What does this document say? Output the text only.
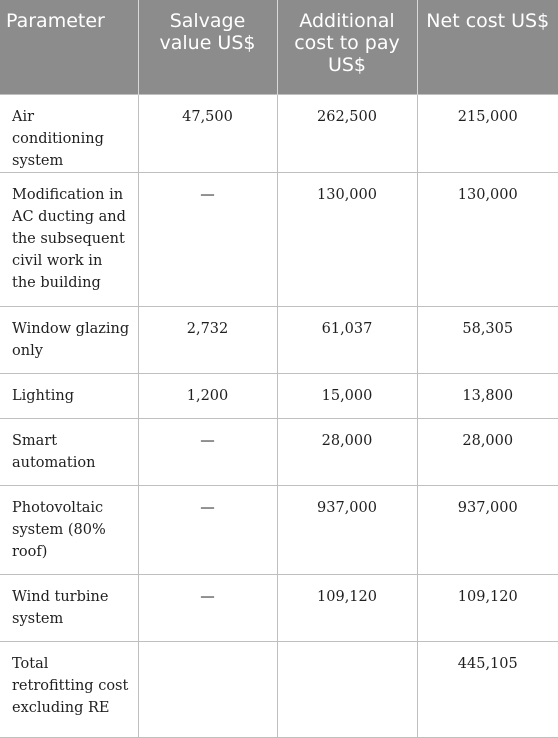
Parameter	Salvage value US$	Additional cost to pay US$	Net cost US$
Air conditioning system	47,500	262,500	215,000
Modification in AC ducting and the subsequent civil work in the building	—	130,000	130,000
Window glazing only	2,732	61,037	58,305
Lighting	1,200	15,000	13,800
Smart automation	—	28,000	28,000
Photovoltaic system (80% roof)	—	937,000	937,000
Wind turbine system	—	109,120	109,120
Total retrofitting cost excluding RE			445,105
